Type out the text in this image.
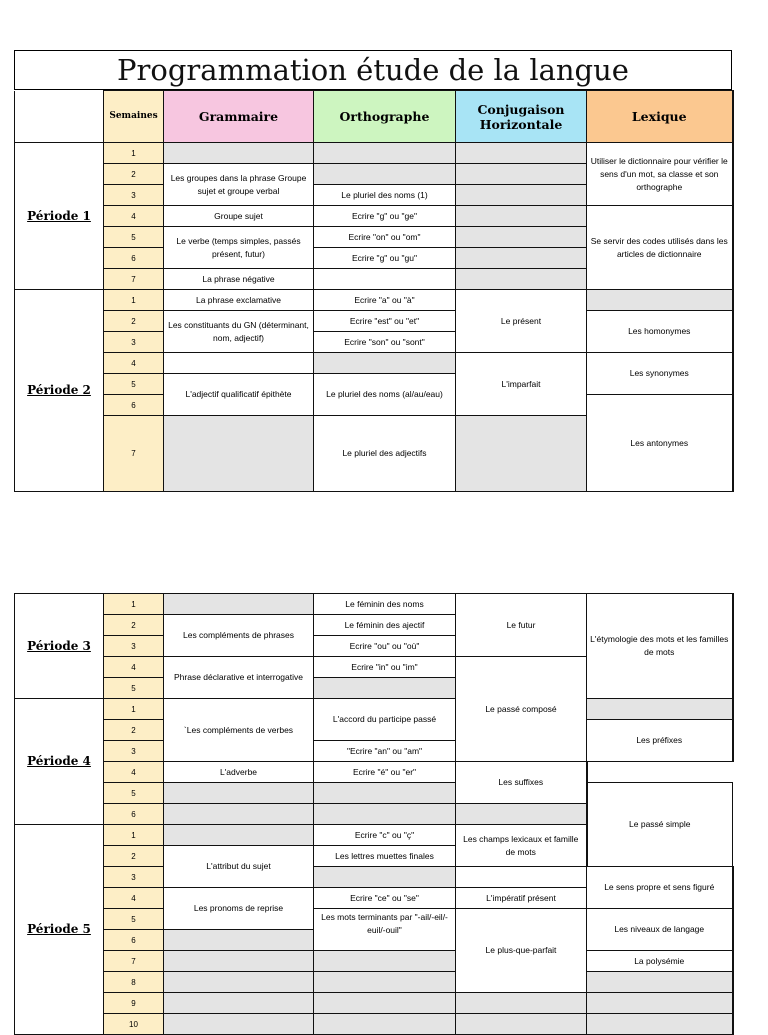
Programmation étude de la langue
	Semaines	Grammaire	Orthographe	Conjugaison Horizontale	Lexique
Période 1	1				Utiliser le dictionnaire pour vérifier le sens d'un mot, sa classe et son orthographe
	2	Les groupes dans la phrase Groupe sujet et groupe verbal			
	3		Le pluriel des noms (1)		
	4	Groupe sujet	Ecrire "g" ou "ge"		Se servir des codes utilisés dans les articles de dictionnaire
	5	Le verbe (temps simples, passés présent, futur)	Ecrire "on" ou "om"		
	6		Ecrire "g" ou "gu"		
	7	La phrase négative			
Période 2	1	La phrase exclamative	Ecrire "a" ou "à"	Le présent	
	2	Les constituants du GN (déterminant, nom, adjectif)	Ecrire "est" ou "et"		Les homonymes
	3		Ecrire "son" ou "sont"		
	4			L'imparfait	Les synonymes
	5	L'adjectif qualificatif épithète	Le pluriel des noms (al/au/eau)		
	6				Les antonymes
	7		Le pluriel des adjectifs		
Période 3	1		Le féminin des noms	Le futur	L'étymologie des mots et les familles de mots
	2	Les compléments de phrases	Le féminin des ajectif		
	3		Ecrire "ou" ou "où"		
	4	Phrase déclarative et interrogative	Ecrire "in" ou "im"	Le passé composé	
	5				
Période 4	1	`Les compléments de verbes	L'accord du participe passé		
	2				Les préfixes
	3		"Ecrire "an" ou "am"		
	4	L'adverbe	Ecrire "é" ou "er"	Les suffixes	
	5				Le passé simple
	6				
Période 5	1		Ecrire "c" ou "ç"	Les champs lexicaux et famille de mots	
	2	L'attribut du sujet	Les lettres muettes finales		
	3				Le sens propre et sens figuré
	4	Les pronoms de reprise	Ecrire "ce" ou "se"	L'impératif présent	
	5		Les mots terminants par "-ail/-eil/-euil/-ouil"	Le plus-que-parfait	Les niveaux de langage
	6				
	7				La polysémie
	8				
	9				
	10				
